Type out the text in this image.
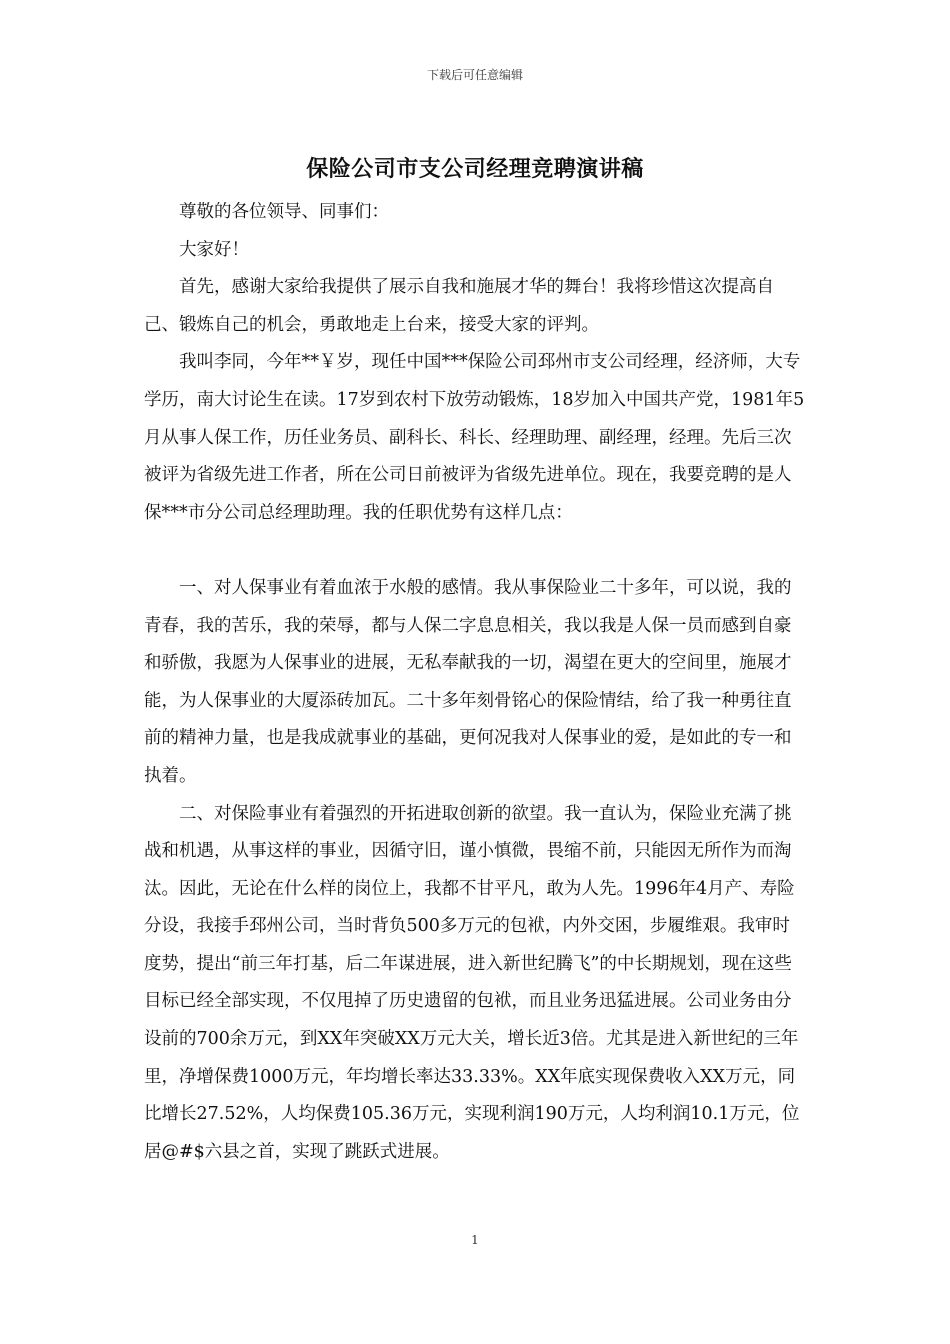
下载后可任意编辑
保险公司市支公司经理竞聘演讲稿

尊敬的各位领导、同事们：

大家好！

首先，感谢大家给我提供了展示自我和施展才华的舞台！我将珍惜这次提高自己、锻炼自己的机会，勇敢地走上台来，接受大家的评判。

我叫李同，今年**￥岁，现任中国***保险公司邳州市支公司经理，经济师，大专学历，南大讨论生在读。17岁到农村下放劳动锻炼，18岁加入中国共产党，1981年5月从事人保工作，历任业务员、副科长、科长、经理助理、副经理，经理。先后三次被评为省级先进工作者，所在公司日前被评为省级先进单位。现在，我要竞聘的是人保***市分公司总经理助理。我的任职优势有这样几点：

一、对人保事业有着血浓于水般的感情。我从事保险业二十多年，可以说，我的青春，我的苦乐，我的荣辱，都与人保二字息息相关，我以我是人保一员而感到自豪和骄傲，我愿为人保事业的进展，无私奉献我的一切，渴望在更大的空间里，施展才能，为人保事业的大厦添砖加瓦。二十多年刻骨铭心的保险情结，给了我一种勇往直前的精神力量，也是我成就事业的基础，更何况我对人保事业的爱，是如此的专一和执着。

二、对保险事业有着强烈的开拓进取创新的欲望。我一直认为，保险业充满了挑战和机遇，从事这样的事业，因循守旧，谨小慎微，畏缩不前，只能因无所作为而淘汰。因此，无论在什么样的岗位上，我都不甘平凡，敢为人先。1996年4月产、寿险分设，我接手邳州公司，当时背负500多万元的包袱，内外交困，步履维艰。我审时度势，提出“前三年打基，后二年谋进展，进入新世纪腾飞”的中长期规划，现在这些目标已经全部实现，不仅甩掉了历史遗留的包袱，而且业务迅猛进展。公司业务由分设前的700余万元，到XX年突破XX万元大关，增长近3倍。尤其是进入新世纪的三年里，净增保费1000万元，年均增长率达33.33%。XX年底实现保费收入XX万元，同比增长27.52%，人均保费105.36万元，实现利润190万元，人均利润10.1万元，位居@#$六县之首，实现了跳跃式进展。

1
